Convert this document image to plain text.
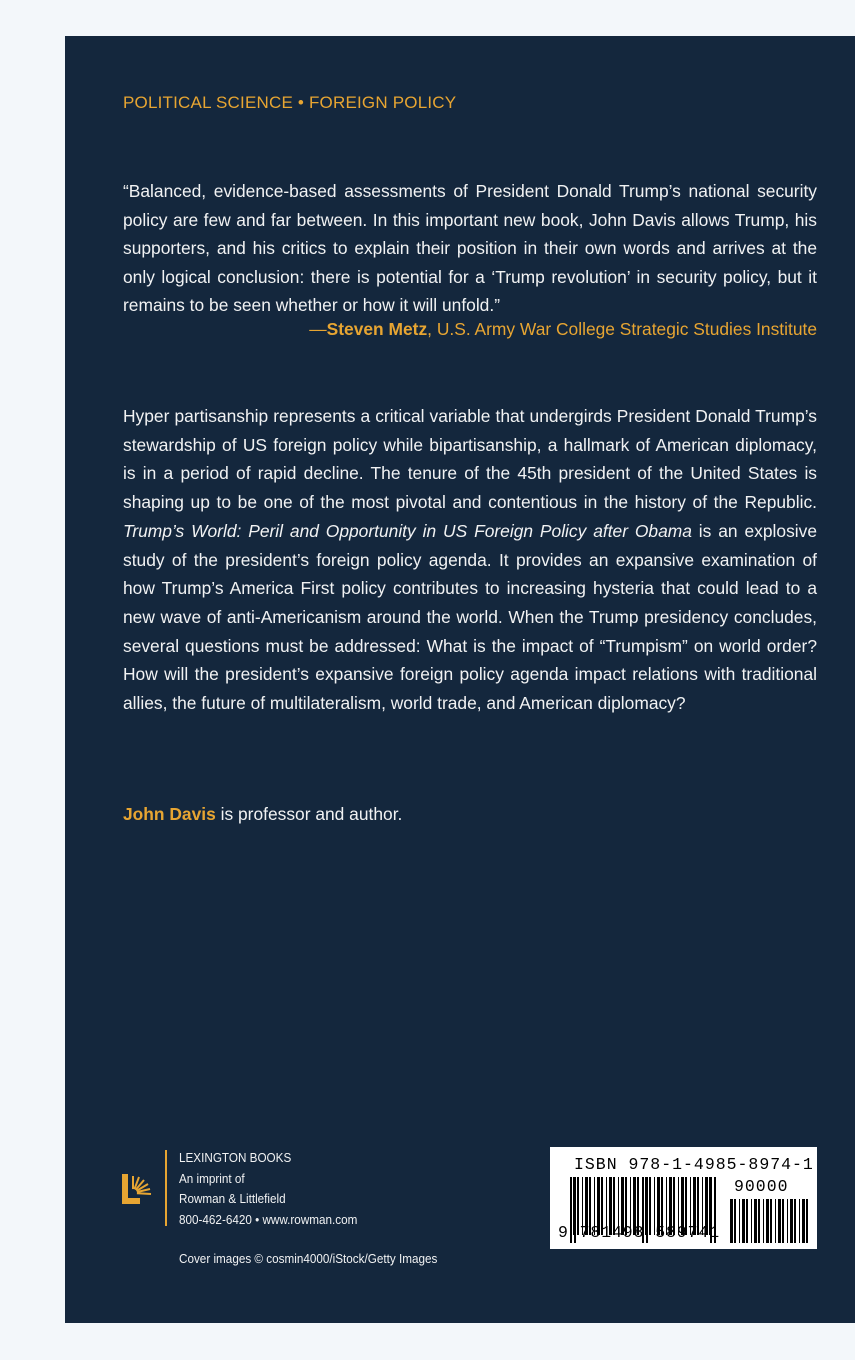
POLITICAL SCIENCE • FOREIGN POLICY
“Balanced, evidence-based assessments of President Donald Trump’s national security policy are few and far between. In this important new book, John Davis allows Trump, his supporters, and his critics to explain their position in their own words and arrives at the only logical conclusion: there is potential for a ‘Trump revolution’ in security policy, but it remains to be seen whether or how it will unfold.”
—Steven Metz, U.S. Army War College Strategic Studies Institute
Hyper partisanship represents a critical variable that undergirds President Donald Trump’s stewardship of US foreign policy while bipartisanship, a hallmark of American diplomacy, is in a period of rapid decline. The tenure of the 45th president of the United States is shaping up to be one of the most pivotal and contentious in the history of the Republic. Trump’s World: Peril and Opportunity in US Foreign Policy after Obama is an explosive study of the president’s foreign policy agenda. It provides an expansive examination of how Trump’s America First policy contributes to increasing hysteria that could lead to a new wave of anti-Americanism around the world. When the Trump presidency concludes, several questions must be addressed: What is the impact of “Trumpism” on world order? How will the president’s expansive foreign policy agenda impact relations with traditional allies, the future of multilateralism, world trade, and American diplomacy?
John Davis is professor and author.
LEXINGTON BOOKS
An imprint of
Rowman & Littlefield
800-462-6420 • www.rowman.com
Cover images © cosmin4000/iStock/Getty Images
ISBN 978-1-4985-8974-1
90000
9 781498 589741
